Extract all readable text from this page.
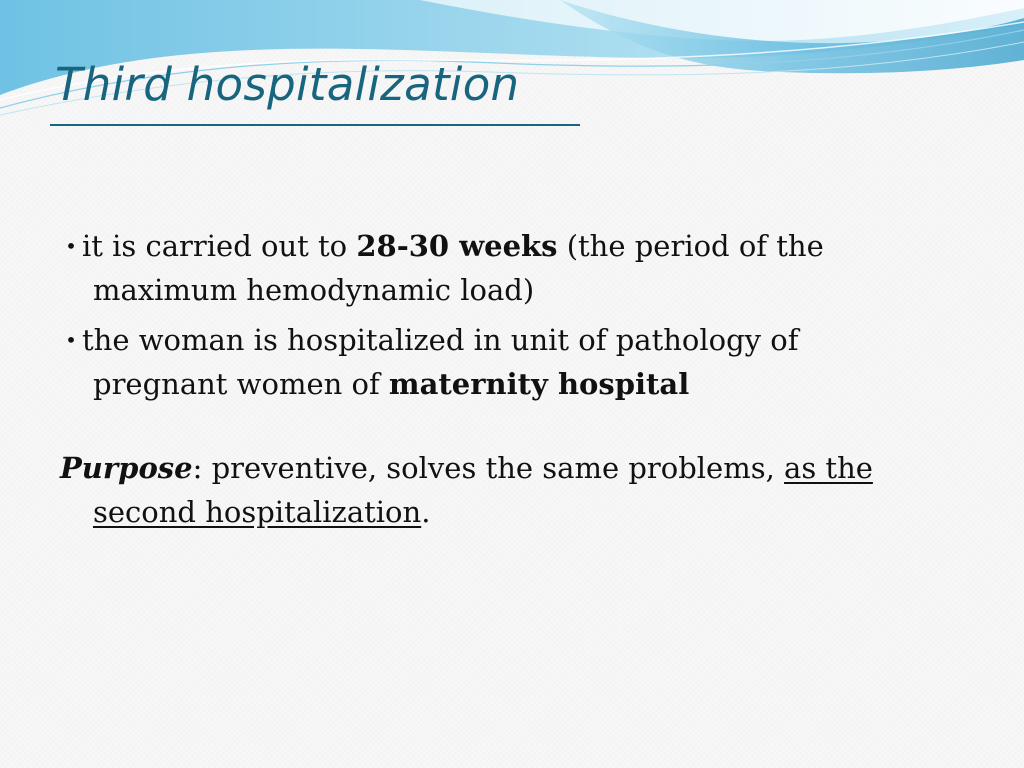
Third hospitalization

• it is carried out to 28-30 weeks (the period of the maximum hemodynamic load)

• the woman is hospitalized in unit of pathology of pregnant women of maternity hospital

Purpose: preventive, solves the same problems, as the second hospitalization.
